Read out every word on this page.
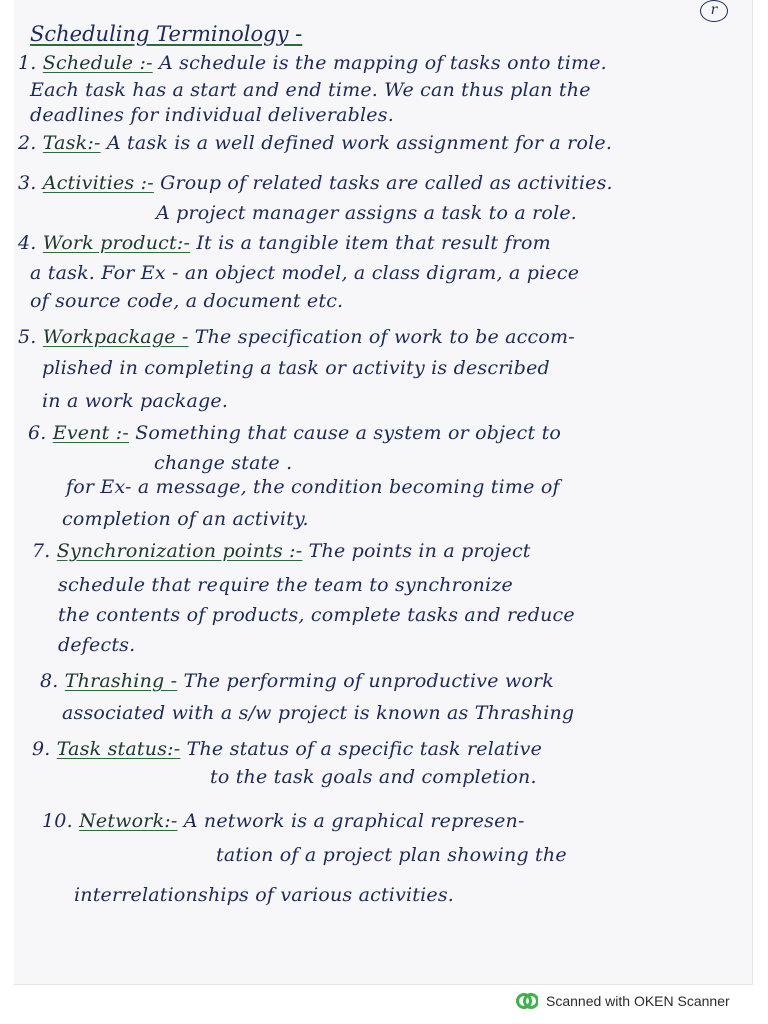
r
Scheduling Terminology -
1. Schedule :- A schedule is the mapping of tasks onto time.
Each task has a start and end time. We can thus plan the
deadlines for individual deliverables.
2. Task:- A task is a well defined work assignment for a role.
3. Activities :- Group of related tasks are called as activities.
A project manager assigns a task to a role.
4. Work product:- It is a tangible item that result from
a task. For Ex - an object model, a class digram, a piece
of source code, a document etc.
5. Workpackage - The specification of work to be accom-
plished in completing a task or activity is described
in a work package.
6. Event :- Something that cause a system or object to
change state .
for Ex- a message, the condition becoming time of
completion of an activity.
7. Synchronization points :- The points in a project
schedule that require the team to synchronize
the contents of products, complete tasks and reduce
defects.
8. Thrashing - The performing of unproductive work
associated with a s/w project is known as Thrashing
9. Task status:- The status of a specific task relative
to the task goals and completion.
10. Network:- A network is a graphical represen-
tation of a project plan showing the
interrelationships of various activities.
Scanned with OKEN Scanner
